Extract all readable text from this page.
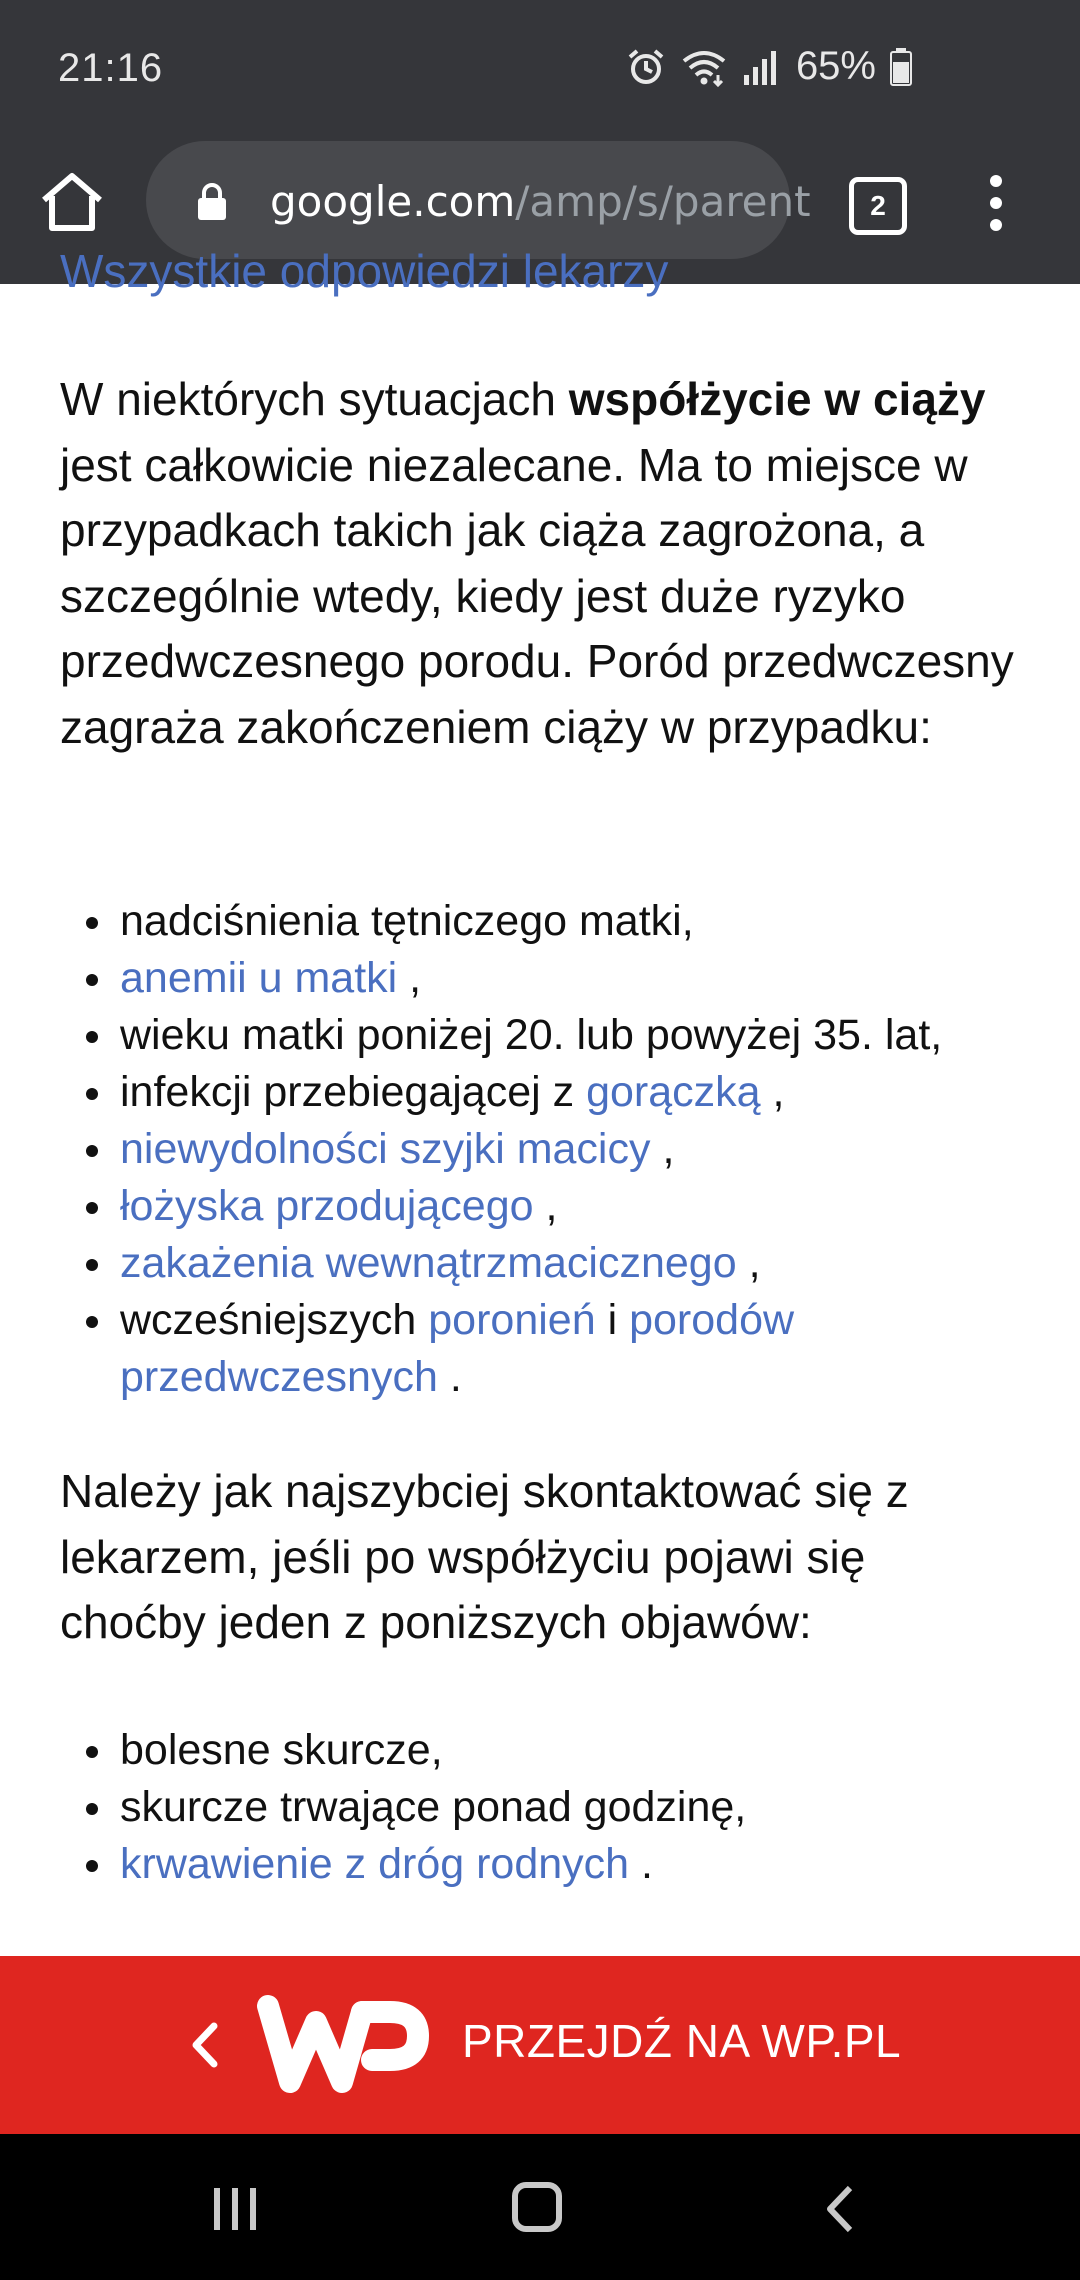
21:16	65%
google.com/amp/s/parent	2
Wszystkie odpowiedzi lekarzy

W niektórych sytuacjach współżycie w ciąży jest całkowicie niezalecane. Ma to miejsce w przypadkach takich jak ciąża zagrożona, a szczególnie wtedy, kiedy jest duże ryzyko przedwczesnego porodu. Poród przedwczesny zagraża zakończeniem ciąży w przypadku:

nadciśnienia tętniczego matki,
anemii u matki ,
wieku matki poniżej 20. lub powyżej 35. lat,
infekcji przebiegającej z gorączką ,
niewydolności szyjki macicy ,
łożyska przodującego ,
zakażenia wewnątrzmacicznego ,
wcześniejszych poronień i porodów przedwczesnych .

Należy jak najszybciej skontaktować się z lekarzem, jeśli po współżyciu pojawi się choćby jeden z poniższych objawów:

bolesne skurcze,
skurcze trwające ponad godzinę,
krwawienie z dróg rodnych .
PRZEJDŹ NA WP.PL
